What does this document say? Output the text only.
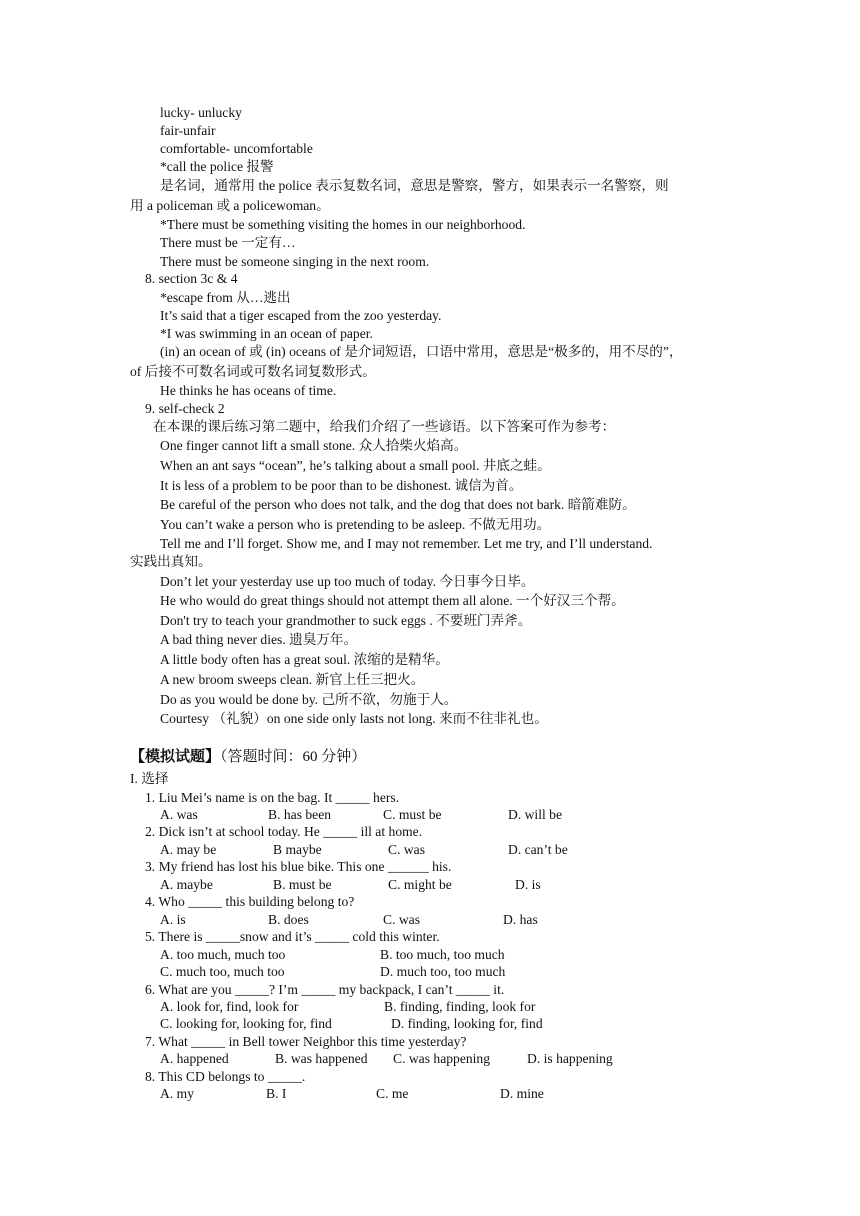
lucky- unlucky
fair-unfair
comfortable- uncomfortable
*call the police 报警
是名词，通常用 the police 表示复数名词，意思是警察，警方，如果表示一名警察，则
用 a policeman 或 a policewoman。
*There must be something visiting the homes in our neighborhood.
There must be 一定有…
There must be someone singing in the next room.
8. section 3c & 4
*escape from 从…逃出
It’s said that a tiger escaped from the zoo yesterday.
*I was swimming in an ocean of paper.
(in) an ocean of 或 (in) oceans of 是介词短语，口语中常用，意思是“极多的，用不尽的”，
of 后接不可数名词或可数名词复数形式。
He thinks he has oceans of time.
9. self-check 2
在本课的课后练习第二题中，给我们介绍了一些谚语。以下答案可作为参考：
One finger cannot lift a small stone. 众人拾柴火焰高。
When an ant says “ocean”, he’s talking about a small pool. 井底之蛙。
It is less of a problem to be poor than to be dishonest. 诚信为首。
Be careful of the person who does not talk, and the dog that does not bark. 暗箭难防。
You can’t wake a person who is pretending to be asleep. 不做无用功。
Tell me and I’ll forget. Show me, and I may not remember. Let me try, and I’ll understand.
实践出真知。
Don’t let your yesterday use up too much of today. 今日事今日毕。
He who would do great things should not attempt them all alone. 一个好汉三个帮。
Don't try to teach your grandmother to suck eggs . 不要班门弄斧。
A bad thing never dies. 遗臭万年。
A little body often has a great soul. 浓缩的是精华。
A new broom sweeps clean. 新官上任三把火。
Do as you would be done by. 己所不欲，勿施于人。
Courtesy （礼貌）on one side only lasts not long. 来而不往非礼也。
【模拟试题】（答题时间：60 分钟）
I. 选择
1. Liu Mei’s name is on the bag. It _____ hers.
A. was	B. has been	C. must be	D. will be
2. Dick isn’t at school today. He _____ ill at home.
A. may be	B maybe	C. was	D. can’t be
3. My friend has lost his blue bike. This one ______ his.
A. maybe	B. must be	C. might be	D. is
4. Who _____ this building belong to?
A. is	B. does	C. was	D. has
5. There is _____snow and it’s _____ cold this winter.
A. too much, much too	B. too much, too much
C. much too, much too	D. much too, too much
6. What are you _____? I’m _____ my backpack, I can’t _____ it.
A. look for, find, look for	B. finding, finding, look for
C. looking for, looking for, find	D. finding, looking for, find
7. What _____ in Bell tower Neighbor this time yesterday?
A. happened	B. was happened C. was happening	D. is happening
8. This CD belongs to _____.
A. my	B. I	C. me	D. mine
